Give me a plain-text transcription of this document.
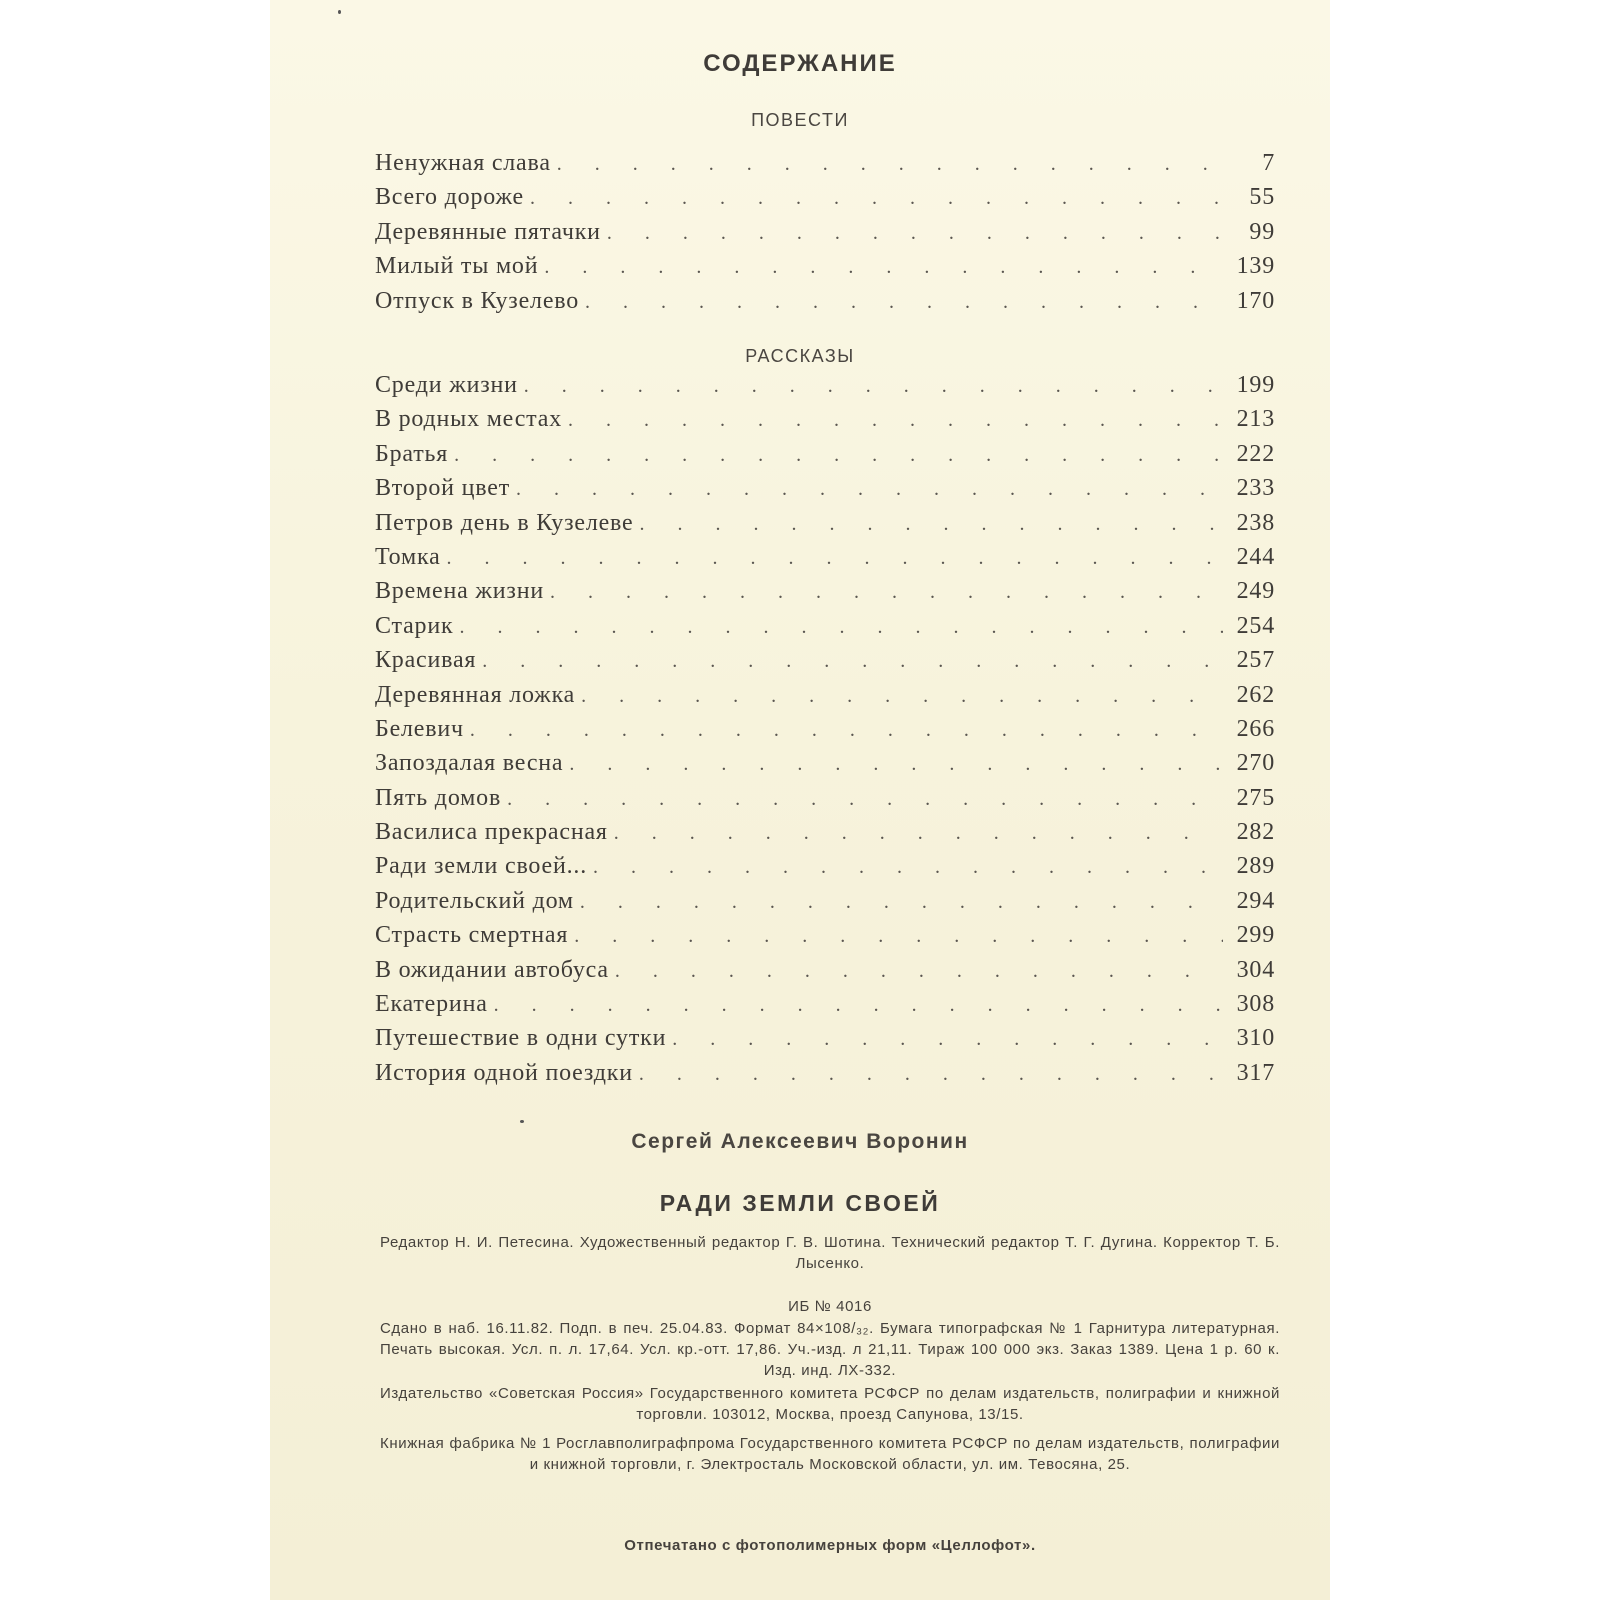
СОДЕРЖАНИЕ
ПОВЕСТИ
Ненужная слава . . .	7
Всего дороже . . .	55
Деревянные пятачки . . .	99
Милый ты мой . . .	139
Отпуск в Кузелево . . .	170
РАССКАЗЫ
Среди жизни . . .	199
В родных местах . . .	213
Братья . . .	222
Второй цвет . . .	233
Петров день в Кузелеве . . .	238
Томка . . .	244
Времена жизни . . .	249
Старик . . .	254
Красивая . . .	257
Деревянная ложка . . .	262
Белевич . . .	266
Запоздалая весна . . .	270
Пять домов . . .	275
Василиса прекрасная . . .	282
Ради земли своей... . . .	289
Родительский дом . . .	294
Страсть смертная . . .	299
В ожидании автобуса . . .	304
Екатерина . . .	308
Путешествие в одни сутки . . .	310
История одной поездки . . .	317
Сергей Алексеевич Воронин
РАДИ ЗЕМЛИ СВОЕЙ

Редактор Н. И. Петесина. Художественный редактор Г. В. Шотина. Технический редактор Т. Г. Дугина. Корректор Т. Б. Лысенко.

ИБ № 4016

Сдано в наб. 16.11.82. Подп. в печ. 25.04.83. Формат 84×108/₃₂. Бумага типографская № 1 Гарнитура литературная. Печать высокая. Усл. п. л. 17,64. Усл. кр.-отт. 17,86. Уч.-изд. л 21,11. Тираж 100 000 экз. Заказ 1389. Цена 1 р. 60 к. Изд. инд. ЛХ-332.

Издательство «Советская Россия» Государственного комитета РСФСР по делам издательств, полиграфии и книжной торговли. 103012, Москва, проезд Сапунова, 13/15.

Книжная фабрика № 1 Росглавполиграфпрома Государственного комитета РСФСР по делам издательств, полиграфии и книжной торговли, г. Электросталь Московской области, ул. им. Тевосяна, 25.

Отпечатано с фотополимерных форм «Целлофот».
